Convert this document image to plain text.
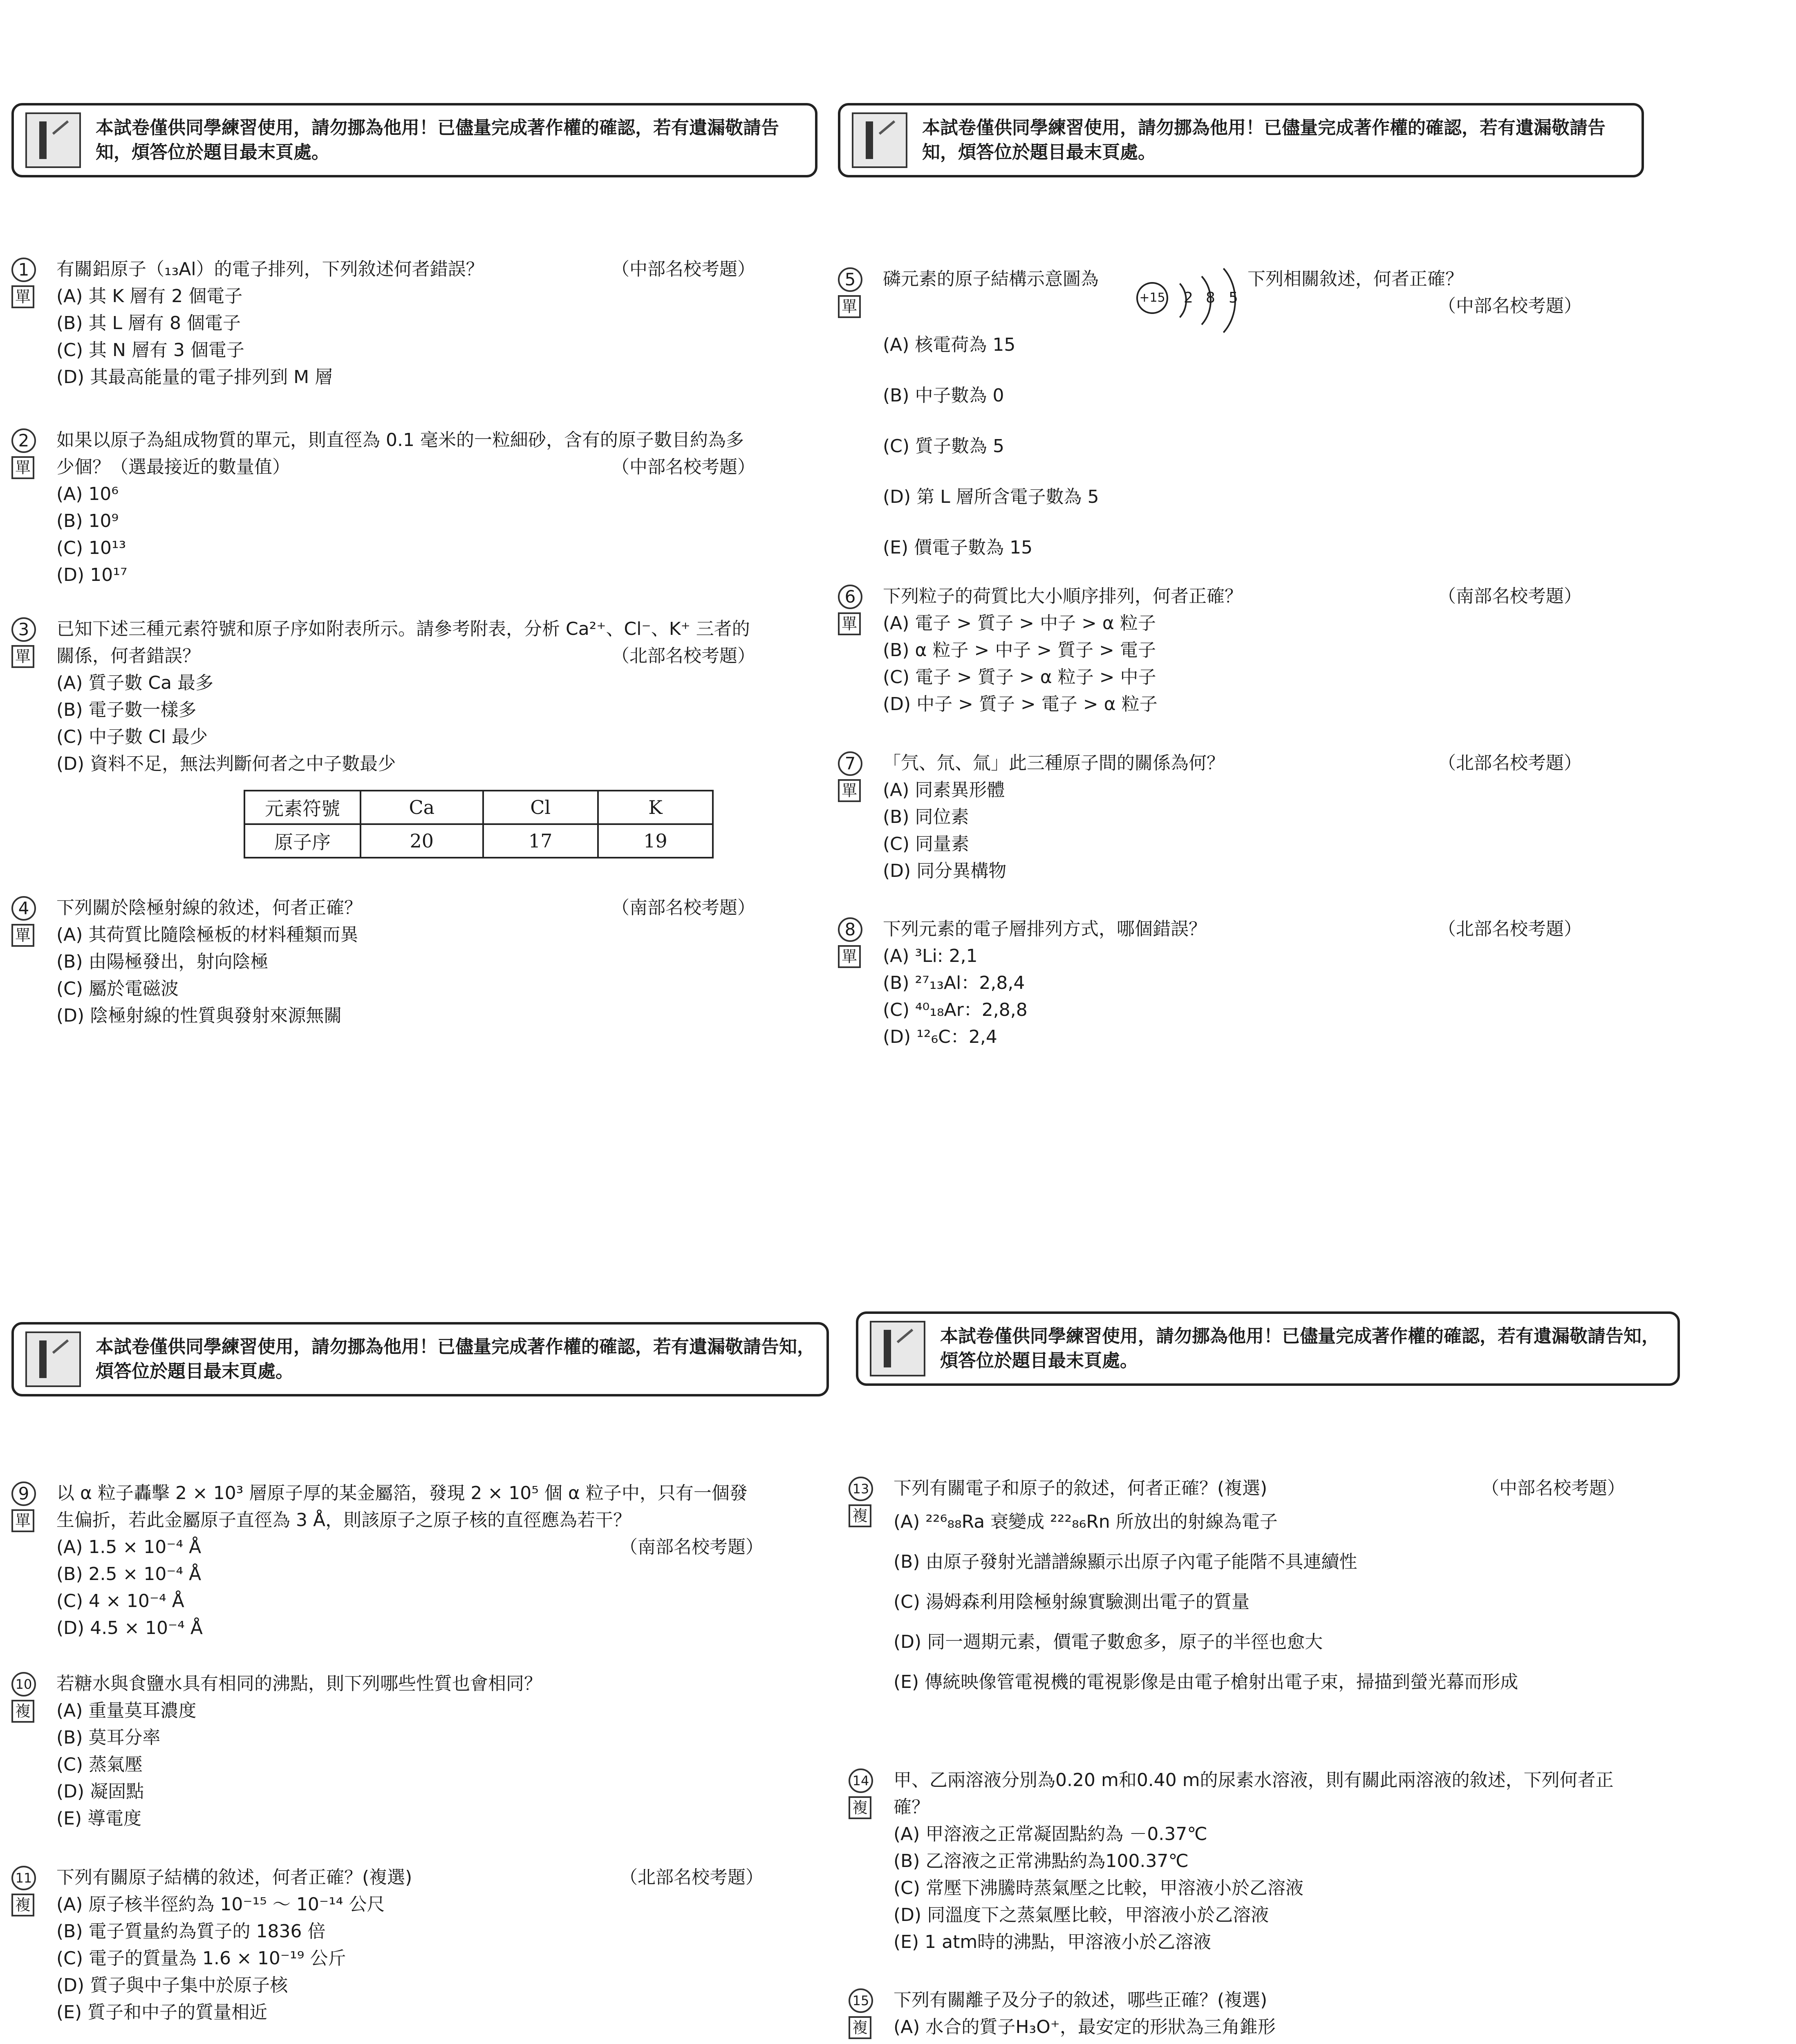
本試卷僅供同學練習使用，請勿挪為他用！已儘量完成著作權的確認，若有遺漏敬請告知，煩答位於題目最末頁處。
本試卷僅供同學練習使用，請勿挪為他用！已儘量完成著作權的確認，若有遺漏敬請告知，煩答位於題目最末頁處。
本試卷僅供同學練習使用，請勿挪為他用！已儘量完成著作權的確認，若有遺漏敬請告知，煩答位於題目最末頁處。
本試卷僅供同學練習使用，請勿挪為他用！已儘量完成著作權的確認，若有遺漏敬請告知，煩答位於題目最末頁處。
1
單
（中部名校考題）
有關鋁原子（₁₃Al）的電子排列，下列敘述何者錯誤？
(A) 其 K 層有 2 個電子
(B) 其 L 層有 8 個電子
(C) 其 N 層有 3 個電子
(D) 其最高能量的電子排列到 M 層
2
單
如果以原子為組成物質的單元，則直徑為 0.1 毫米的一粒細砂，含有的原子數目約為多少個？（選最接近的數量值）	（中部名校考題）
(A) 10⁶
(B) 10⁹
(C) 10¹³
(D) 10¹⁷
3
單
已知下述三種元素符號和原子序如附表所示。請參考附表，分析 Ca²⁺、Cl⁻、K⁺ 三者的關係，何者錯誤？	（北部名校考題）
(A) 質子數 Ca 最多
(B) 電子數一樣多
(C) 中子數 Cl 最少
(D) 資料不足，無法判斷何者之中子數最少
元素符號	Ca	Cl	K
原子序	20	17	19
4
單
（南部名校考題）
下列關於陰極射線的敘述，何者正確？
(A) 其荷質比隨陰極板的材料種類而異
(B) 由陽極發出，射向陰極
(C) 屬於電磁波
(D) 陰極射線的性質與發射來源無關
5
單
磷元素的原子結構示意圖為	下列相關敘述，何者正確？
（中部名校考題）
(A) 核電荷為 15
(B) 中子數為 0
(C) 質子數為 5
(D) 第 L 層所含電子數為 5
(E) 價電子數為 15
+15 2 8 5
6
單
（南部名校考題）
下列粒子的荷質比大小順序排列，何者正確？
(A) 電子 > 質子 > 中子 > α 粒子
(B) α 粒子 > 中子 > 質子 > 電子
(C) 電子 > 質子 > α 粒子 > 中子
(D) 中子 > 質子 > 電子 > α 粒子
7
單
（北部名校考題）
「氕、氘、氚」此三種原子間的關係為何？
(A) 同素異形體
(B) 同位素
(C) 同量素
(D) 同分異構物
8
單
（北部名校考題）
下列元素的電子層排列方式，哪個錯誤？
(A) ³Li: 2,1
(B) ²⁷₁₃Al：2,8,4
(C) ⁴⁰₁₈Ar：2,8,8
(D) ¹²₆C：2,4
9
單
以 α 粒子轟擊 2 × 10³ 層原子厚的某金屬箔，發現 2 × 10⁵ 個 α 粒子中，只有一個發生偏折，若此金屬原子直徑為 3 Å，則該原子之原子核的直徑應為若干？
（南部名校考題）
(A) 1.5 × 10⁻⁴ Å
(B) 2.5 × 10⁻⁴ Å
(C) 4 × 10⁻⁴ Å
(D) 4.5 × 10⁻⁴ Å
10
複
若糖水與食鹽水具有相同的沸點，則下列哪些性質也會相同？
(A) 重量莫耳濃度
(B) 莫耳分率
(C) 蒸氣壓
(D) 凝固點
(E) 導電度
11
複
（北部名校考題）
下列有關原子結構的敘述，何者正確？(複選)
(A) 原子核半徑約為 10⁻¹⁵ ～ 10⁻¹⁴ 公尺
(B) 電子質量約為質子的 1836 倍
(C) 電子的質量為 1.6 × 10⁻¹⁹ 公斤
(D) 質子與中子集中於原子核
(E) 質子和中子的質量相近
13
複
（中部名校考題）
下列有關電子和原子的敘述，何者正確？(複選)
(A) ²²⁶₈₈Ra 衰變成 ²²²₈₆Rn 所放出的射線為電子
(B) 由原子發射光譜譜線顯示出原子內電子能階不具連續性
(C) 湯姆森利用陰極射線實驗測出電子的質量
(D) 同一週期元素，價電子數愈多，原子的半徑也愈大
(E) 傳統映像管電視機的電視影像是由電子槍射出電子束，掃描到螢光幕而形成
14
複
甲、乙兩溶液分別為0.20 m和0.40 m的尿素水溶液，則有關此兩溶液的敘述，下列何者正確？
(A) 甲溶液之正常凝固點約為 －0.37℃
(B) 乙溶液之正常沸點約為100.37℃
(C) 常壓下沸騰時蒸氣壓之比較，甲溶液小於乙溶液
(D) 同溫度下之蒸氣壓比較，甲溶液小於乙溶液
(E) 1 atm時的沸點，甲溶液小於乙溶液
15
複
下列有關離子及分子的敘述，哪些正確？(複選)
(A) 水合的質子H₃O⁺，最安定的形狀為三角錐形
